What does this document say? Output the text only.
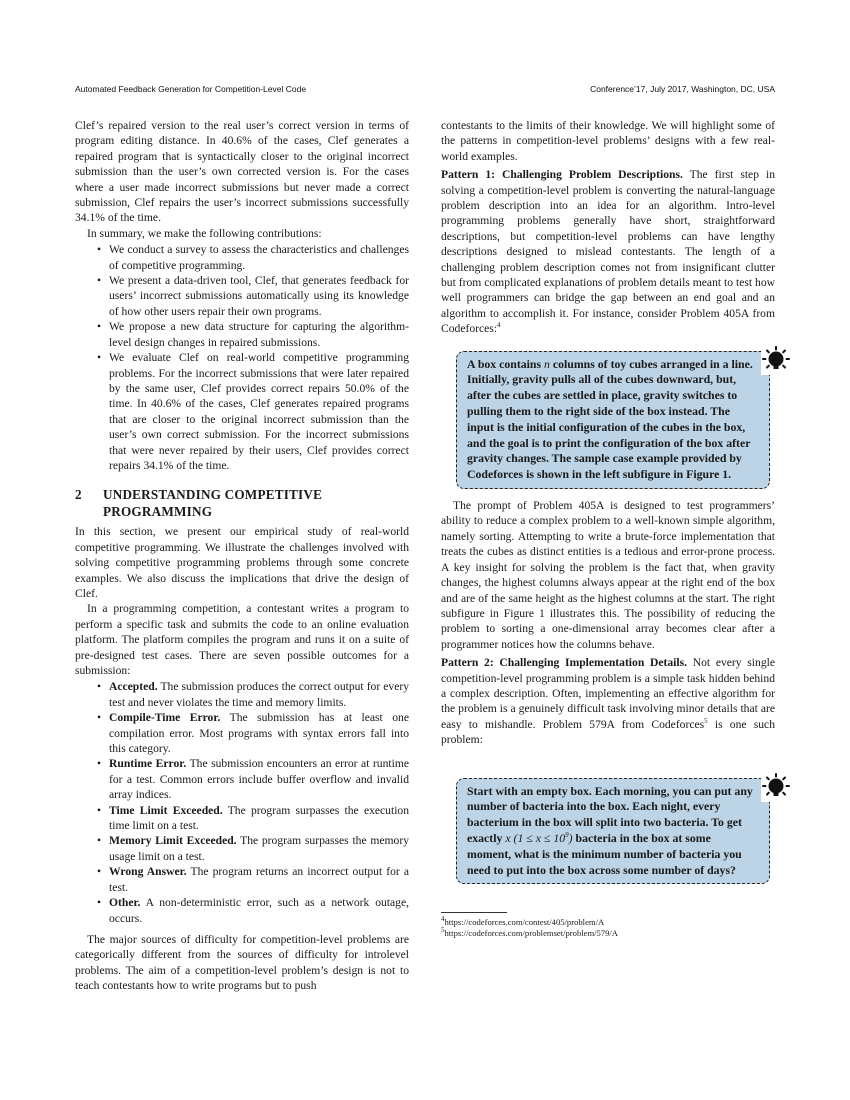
Automated Feedback Generation for Competition-Level Code	Conference’17, July 2017, Washington, DC, USA

Clef’s repaired version to the real user’s correct version in terms of program editing distance. In 40.6% of the cases, Clef generates a repaired program that is syntactically closer to the original incorrect submission than the user’s own corrected version is. For the cases where a user made incorrect submissions but never made a correct submission, Clef repairs the user’s incorrect submissions successfully 34.1% of the time.

In summary, we make the following contributions:

• We conduct a survey to assess the characteristics and challenges of competitive programming.
• We present a data-driven tool, Clef, that generates feedback for users’ incorrect submissions automatically using its knowledge of how other users repair their own programs.
• We propose a new data structure for capturing the algorithm-level design changes in repaired submissions.
• We evaluate Clef on real-world competitive programming problems. For the incorrect submissions that were later repaired by the same user, Clef provides correct repairs 50.0% of the time. In 40.6% of the cases, Clef generates repaired programs that are closer to the original incorrect submission than the user’s own correct submission. For the incorrect submissions that were never repaired by their users, Clef provides correct repairs 34.1% of the time.
2	UNDERSTANDING COMPETITIVE PROGRAMMING

In this section, we present our empirical study of real-world competitive programming. We illustrate the challenges involved with solving competitive programming problems through some concrete examples. We also discuss the implications that drive the design of Clef.

In a programming competition, a contestant writes a program to perform a specific task and submits the code to an online evaluation platform. The platform compiles the program and runs it on a suite of pre-designed test cases. There are seven possible outcomes for a submission:

• Accepted. The submission produces the correct output for every test and never violates the time and memory limits.
• Compile-Time Error. The submission has at least one compilation error. Most programs with syntax errors fall into this category.
• Runtime Error. The submission encounters an error at runtime for a test. Common errors include buffer overflow and invalid array indices.
• Time Limit Exceeded. The program surpasses the execution time limit on a test.
• Memory Limit Exceeded. The program surpasses the memory usage limit on a test.
• Wrong Answer. The program returns an incorrect output for a test.
• Other. A non-deterministic error, such as a network outage, occurs.

The major sources of difficulty for competition-level problems are categorically different from the sources of difficulty for introlevel problems. The aim of a competition-level problem’s design is not to teach contestants how to write programs but to push

contestants to the limits of their knowledge. We will highlight some of the patterns in competition-level problems’ designs with a few real-world examples.

Pattern 1: Challenging Problem Descriptions. The first step in solving a competition-level problem is converting the natural-language problem description into an idea for an algorithm. Intro-level programming problems generally have short, straightforward descriptions, but competition-level problems can have lengthy descriptions designed to mislead contestants. The length of a challenging problem description comes not from insignificant clutter but from complicated explanations of problem details meant to test how well programmers can bridge the gap between an end goal and an algorithm to accomplish it. For instance, consider Problem 405A from Codeforces:$^4$

A box contains n columns of toy cubes arranged in a line. Initially, gravity pulls all of the cubes downward, but, after the cubes are settled in place, gravity switches to pulling them to the right side of the box instead. The input is the initial configuration of the cubes in the box, and the goal is to print the configuration of the box after gravity changes. The sample case example provided by Codeforces is shown in the left subfigure in Figure 1.

The prompt of Problem 405A is designed to test programmers’ ability to reduce a complex problem to a well-known simple algorithm, namely sorting. Attempting to write a brute-force implementation that treats the cubes as distinct entities is a tedious and error-prone process. A key insight for solving the problem is the fact that, when gravity changes, the highest columns always appear at the right end of the box and are of the same height as the highest columns at the start. The right subfigure in Figure 1 illustrates this. The possibility of reducing the problem to sorting a one-dimensional array becomes clear after a programmer notices how the columns behave.

Pattern 2: Challenging Implementation Details. Not every single competition-level programming problem is a simple task hidden behind a complex description. Often, implementing an effective algorithm for the problem is a genuinely difficult task involving minor details that are easy to mishandle. Problem 579A from Codeforces$^5$ is one such problem:

Start with an empty box. Each morning, you can put any number of bacteria into the box. Each night, every bacterium in the box will split into two bacteria. To get exactly x $(1 \le x \le 10^9)$ bacteria in the box at some moment, what is the minimum number of bacteria you need to put into the box across some number of days?
$^4$https://codeforces.com/contest/405/problem/A
$^5$https://codeforces.com/problemset/problem/579/A
